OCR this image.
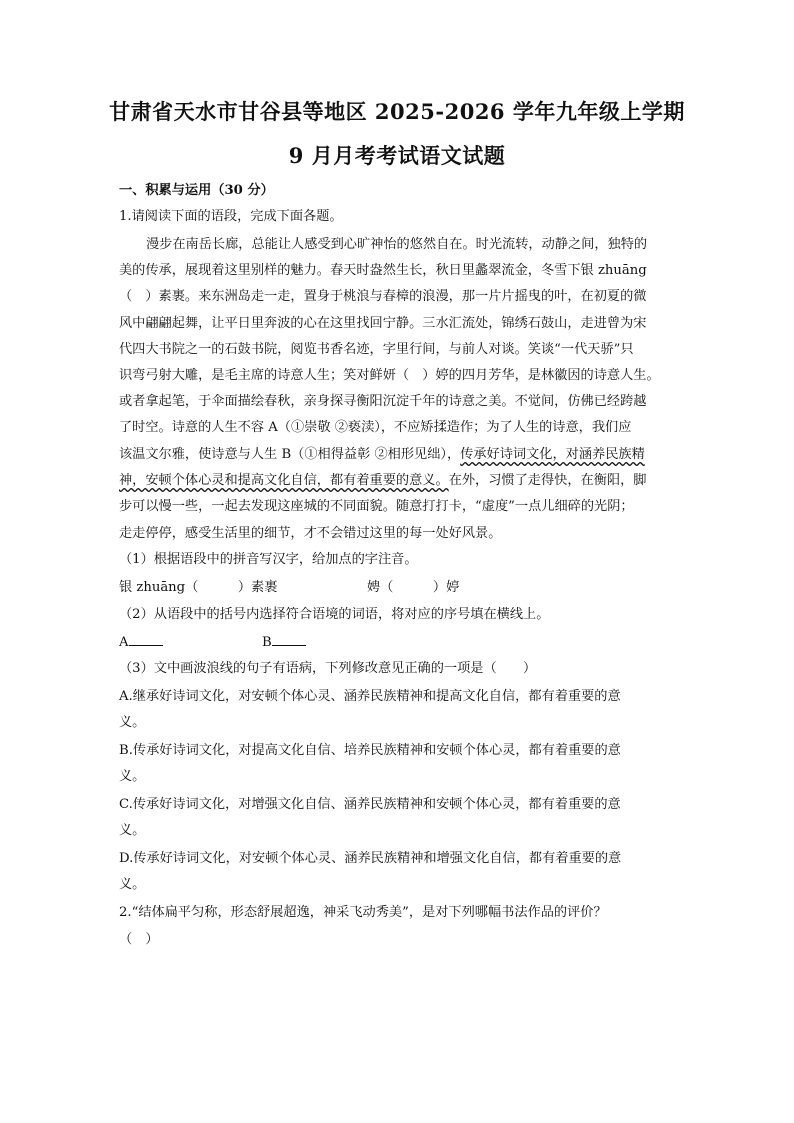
甘肃省天水市甘谷县等地区 2025-2026 学年九年级上学期
9 月月考考试语文试题
一、积累与运用（30 分）
1.请阅读下面的语段，完成下面各题。
漫步在南岳长廊，总能让人感受到心旷神怡的悠然自在。时光流转，动静之间，独特的
美的传承，展现着这里别样的魅力。春天时盎然生长，秋日里蠡翠流金，冬雪下银 zhuāng
（　）素裹。来东洲岛走一走，置身于桃浪与春樟的浪漫，那一片片摇曳的叶，在初夏的微
风中翩翩起舞，让平日里奔波的心在这里找回宁静。三水汇流处，锦绣石鼓山，走进曾为宋
代四大书院之一的石鼓书院，阅览书香名迹，字里行间，与前人对谈。笑谈“一代天骄”只
识弯弓射大雕，是毛主席的诗意人生；笑对鲜妍（　）婷的四月芳华，是林徽因的诗意人生。
或者拿起笔，于伞面描绘春秋，亲身探寻衡阳沉淀千年的诗意之美。不觉间，仿佛已经跨越
了时空。诗意的人生不容 A（①崇敬 ②亵渎），不应矫揉造作；为了人生的诗意，我们应
该温文尔雅，使诗意与人生 B（①相得益彰 ②相形见绌），传承好诗词文化，对涵养民族精
神，安顿个体心灵和提高文化自信，都有着重要的意义。在外，习惯了走得快，在衡阳，脚
步可以慢一些，一起去发现这座城的不同面貌。随意打打卡，“虚度”一点儿细碎的光阴；
走走停停，感受生活里的细节，才不会错过这里的每一处好风景。
（1）根据语段中的拼音写汉字，给加点的字注音。
银 zhuāng（　　　）素裹	娉（　　　）婷
（2）从语段中的括号内选择符合语境的词语，将对应的序号填在横线上。
A	B
（3）文中画波浪线的句子有语病，下列修改意见正确的一项是（　　）
A.继承好诗词文化，对安顿个体心灵、涵养民族精神和提高文化自信，都有着重要的意
义。
B.传承好诗词文化，对提高文化自信、培养民族精神和安顿个体心灵，都有着重要的意
义。
C.传承好诗词文化，对增强文化自信、涵养民族精神和安顿个体心灵，都有着重要的意
义。
D.传承好诗词文化，对安顿个体心灵、涵养民族精神和增强文化自信，都有着重要的意
义。
2.“结体扁平匀称，形态舒展超逸，神采飞动秀美”，是对下列哪幅书法作品的评价？
（　）
